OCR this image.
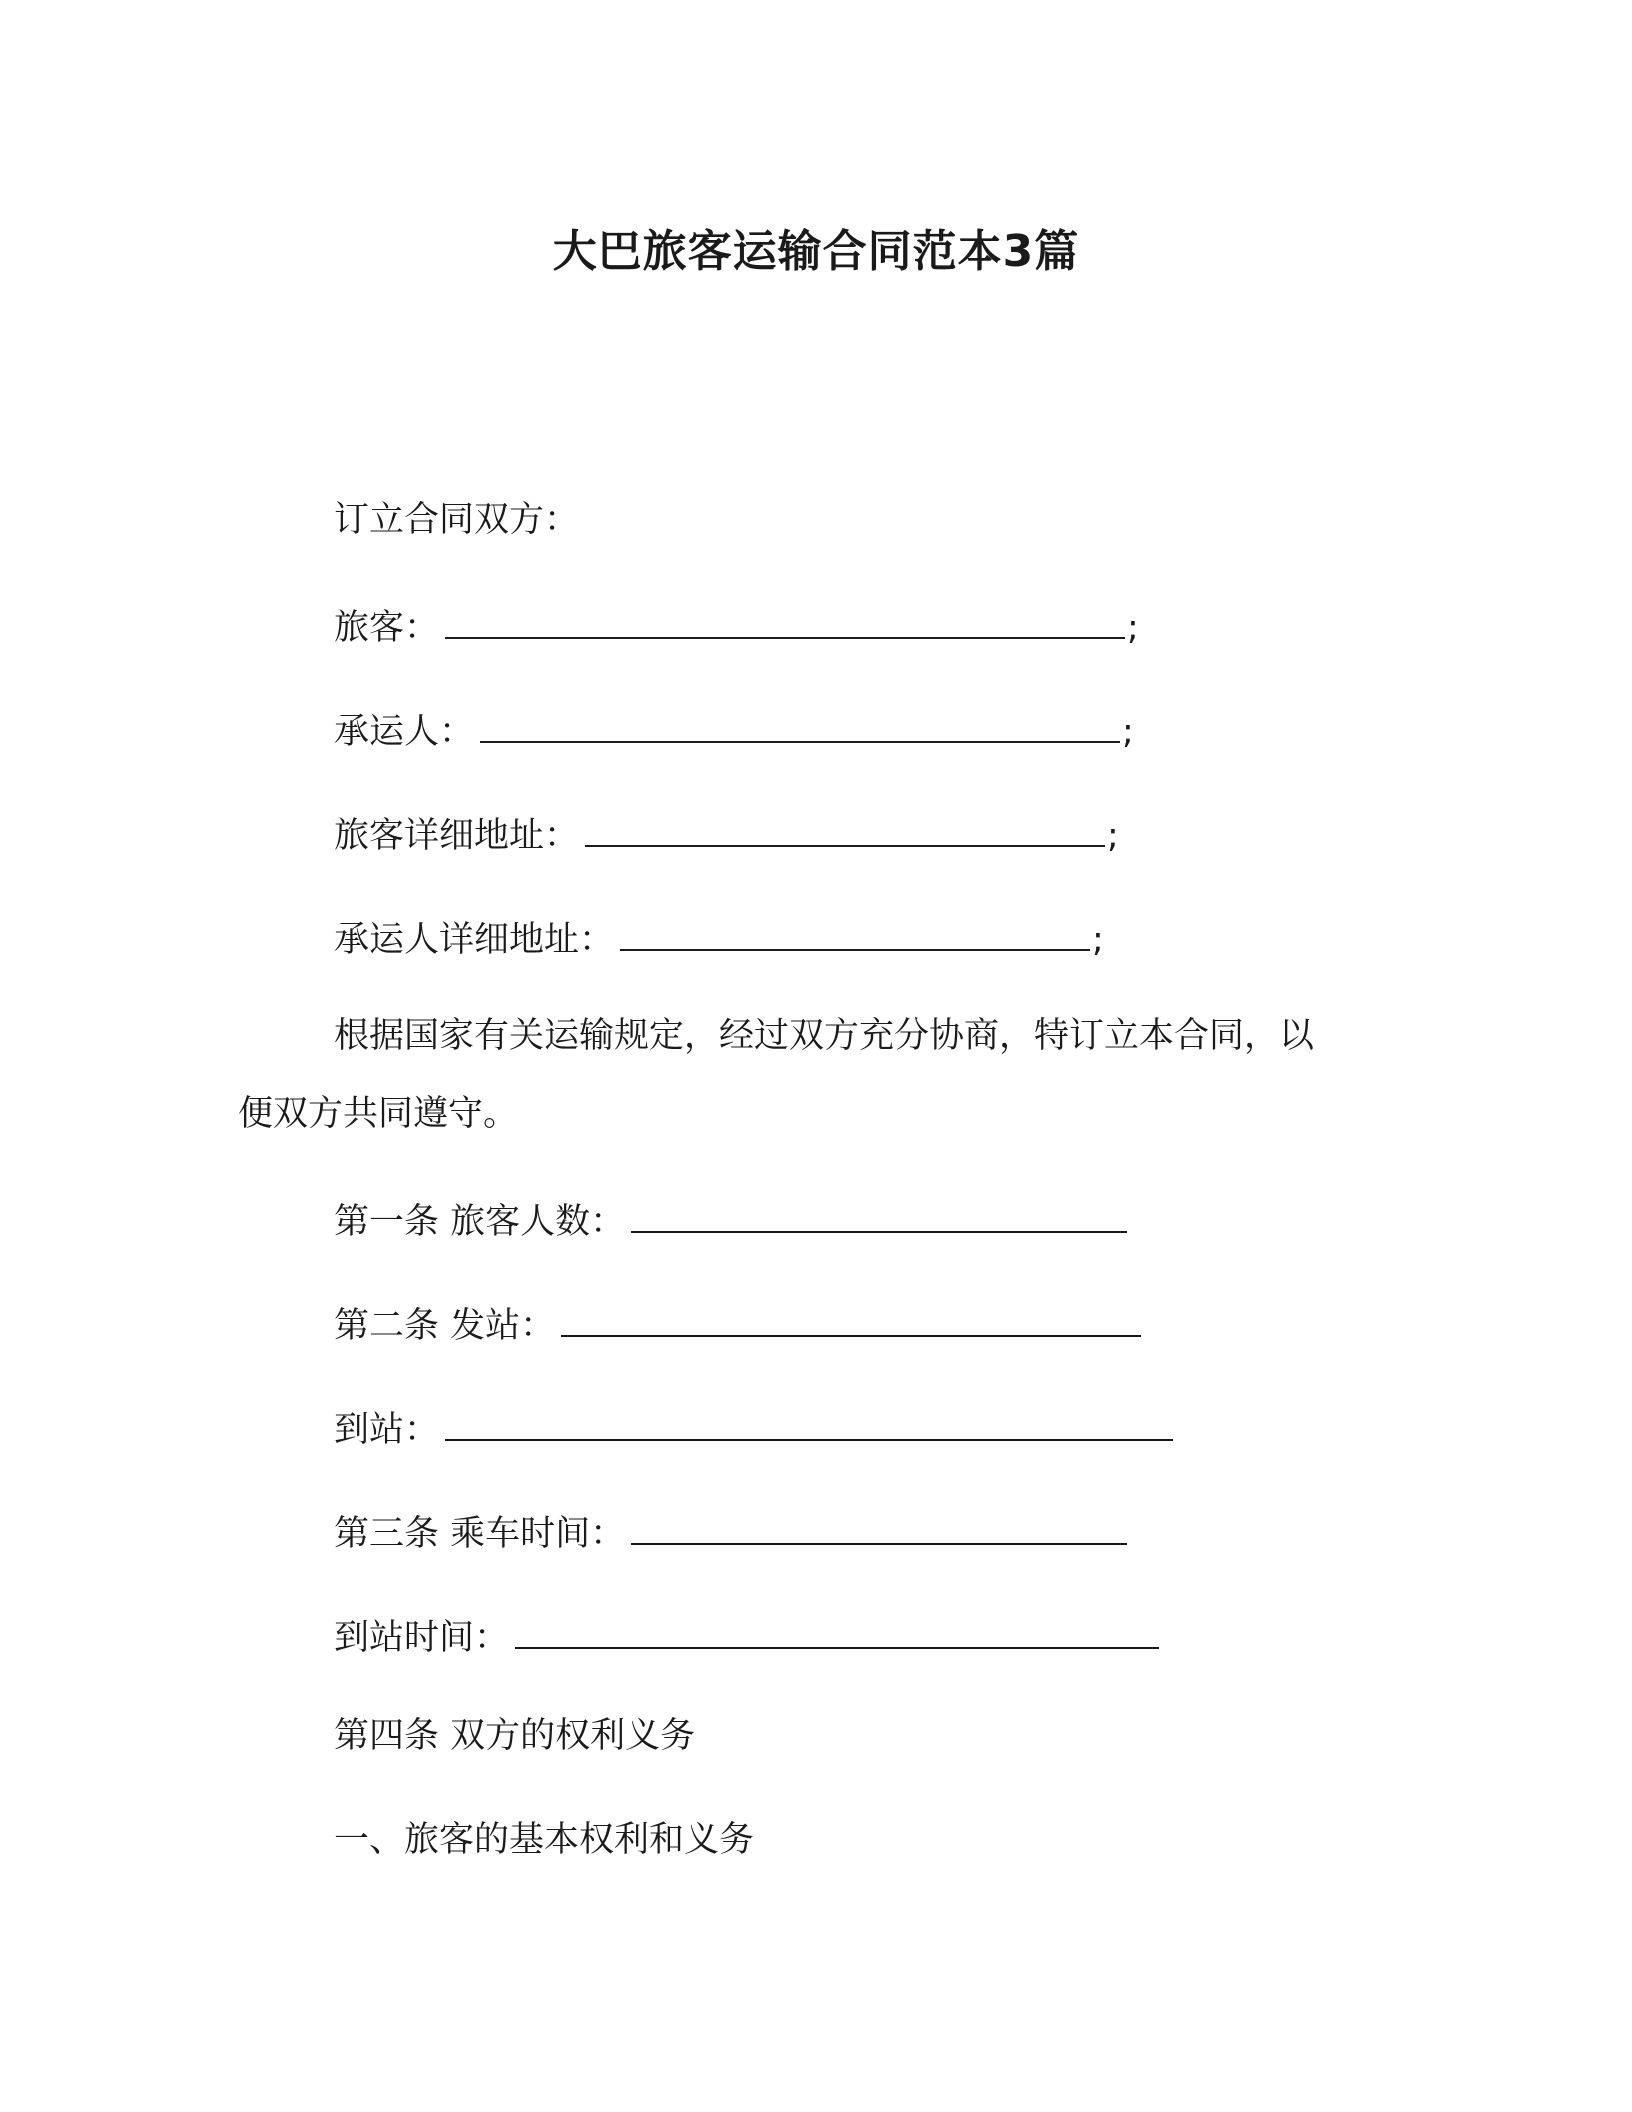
大巴旅客运输合同范本3篇
订立合同双方：
旅客：	;
承运人：	;
旅客详细地址：	;
承运人详细地址：	;
根据国家有关运输规定，经过双方充分协商，特订立本合同，以
便双方共同遵守。
第一条 旅客人数：
第二条 发站：
到站：
第三条 乘车时间：
到站时间：
第四条 双方的权利义务
一、旅客的基本权利和义务
